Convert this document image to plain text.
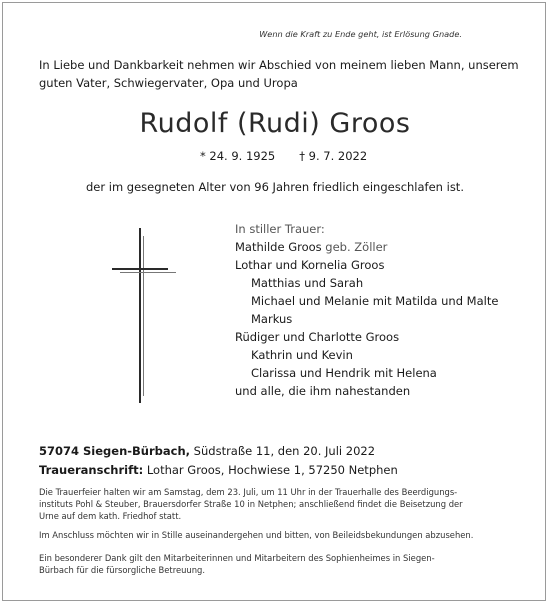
Wenn die Kraft zu Ende geht, ist Erlösung Gnade.
In Liebe und Dankbarkeit nehmen wir Abschied von meinem lieben Mann, unserem
guten Vater, Schwiegervater, Opa und Uropa
Rudolf (Rudi) Groos
* 24. 9. 1925 † 9. 7. 2022
der im gesegneten Alter von 96 Jahren friedlich eingeschlafen ist.
In stiller Trauer:
Mathilde Groos geb. Zöller
Lothar und Kornelia Groos
Matthias und Sarah
Michael und Melanie mit Matilda und Malte
Markus
Rüdiger und Charlotte Groos
Kathrin und Kevin
Clarissa und Hendrik mit Helena
und alle, die ihm nahestanden
57074 Siegen-Bürbach, Südstraße 11, den 20. Juli 2022
Traueranschrift: Lothar Groos, Hochwiese 1, 57250 Netphen
Die Trauerfeier halten wir am Samstag, dem 23. Juli, um 11 Uhr in der Trauerhalle des Beerdigungs-
instituts Pohl & Steuber, Brauersdorfer Straße 10 in Netphen; anschließend findet die Beisetzung der
Urne auf dem kath. Friedhof statt.
Im Anschluss möchten wir in Stille auseinandergehen und bitten, von Beileidsbekundungen abzusehen.
Ein besonderer Dank gilt den Mitarbeiterinnen und Mitarbeitern des Sophienheimes in Siegen-
Bürbach für die fürsorgliche Betreuung.
